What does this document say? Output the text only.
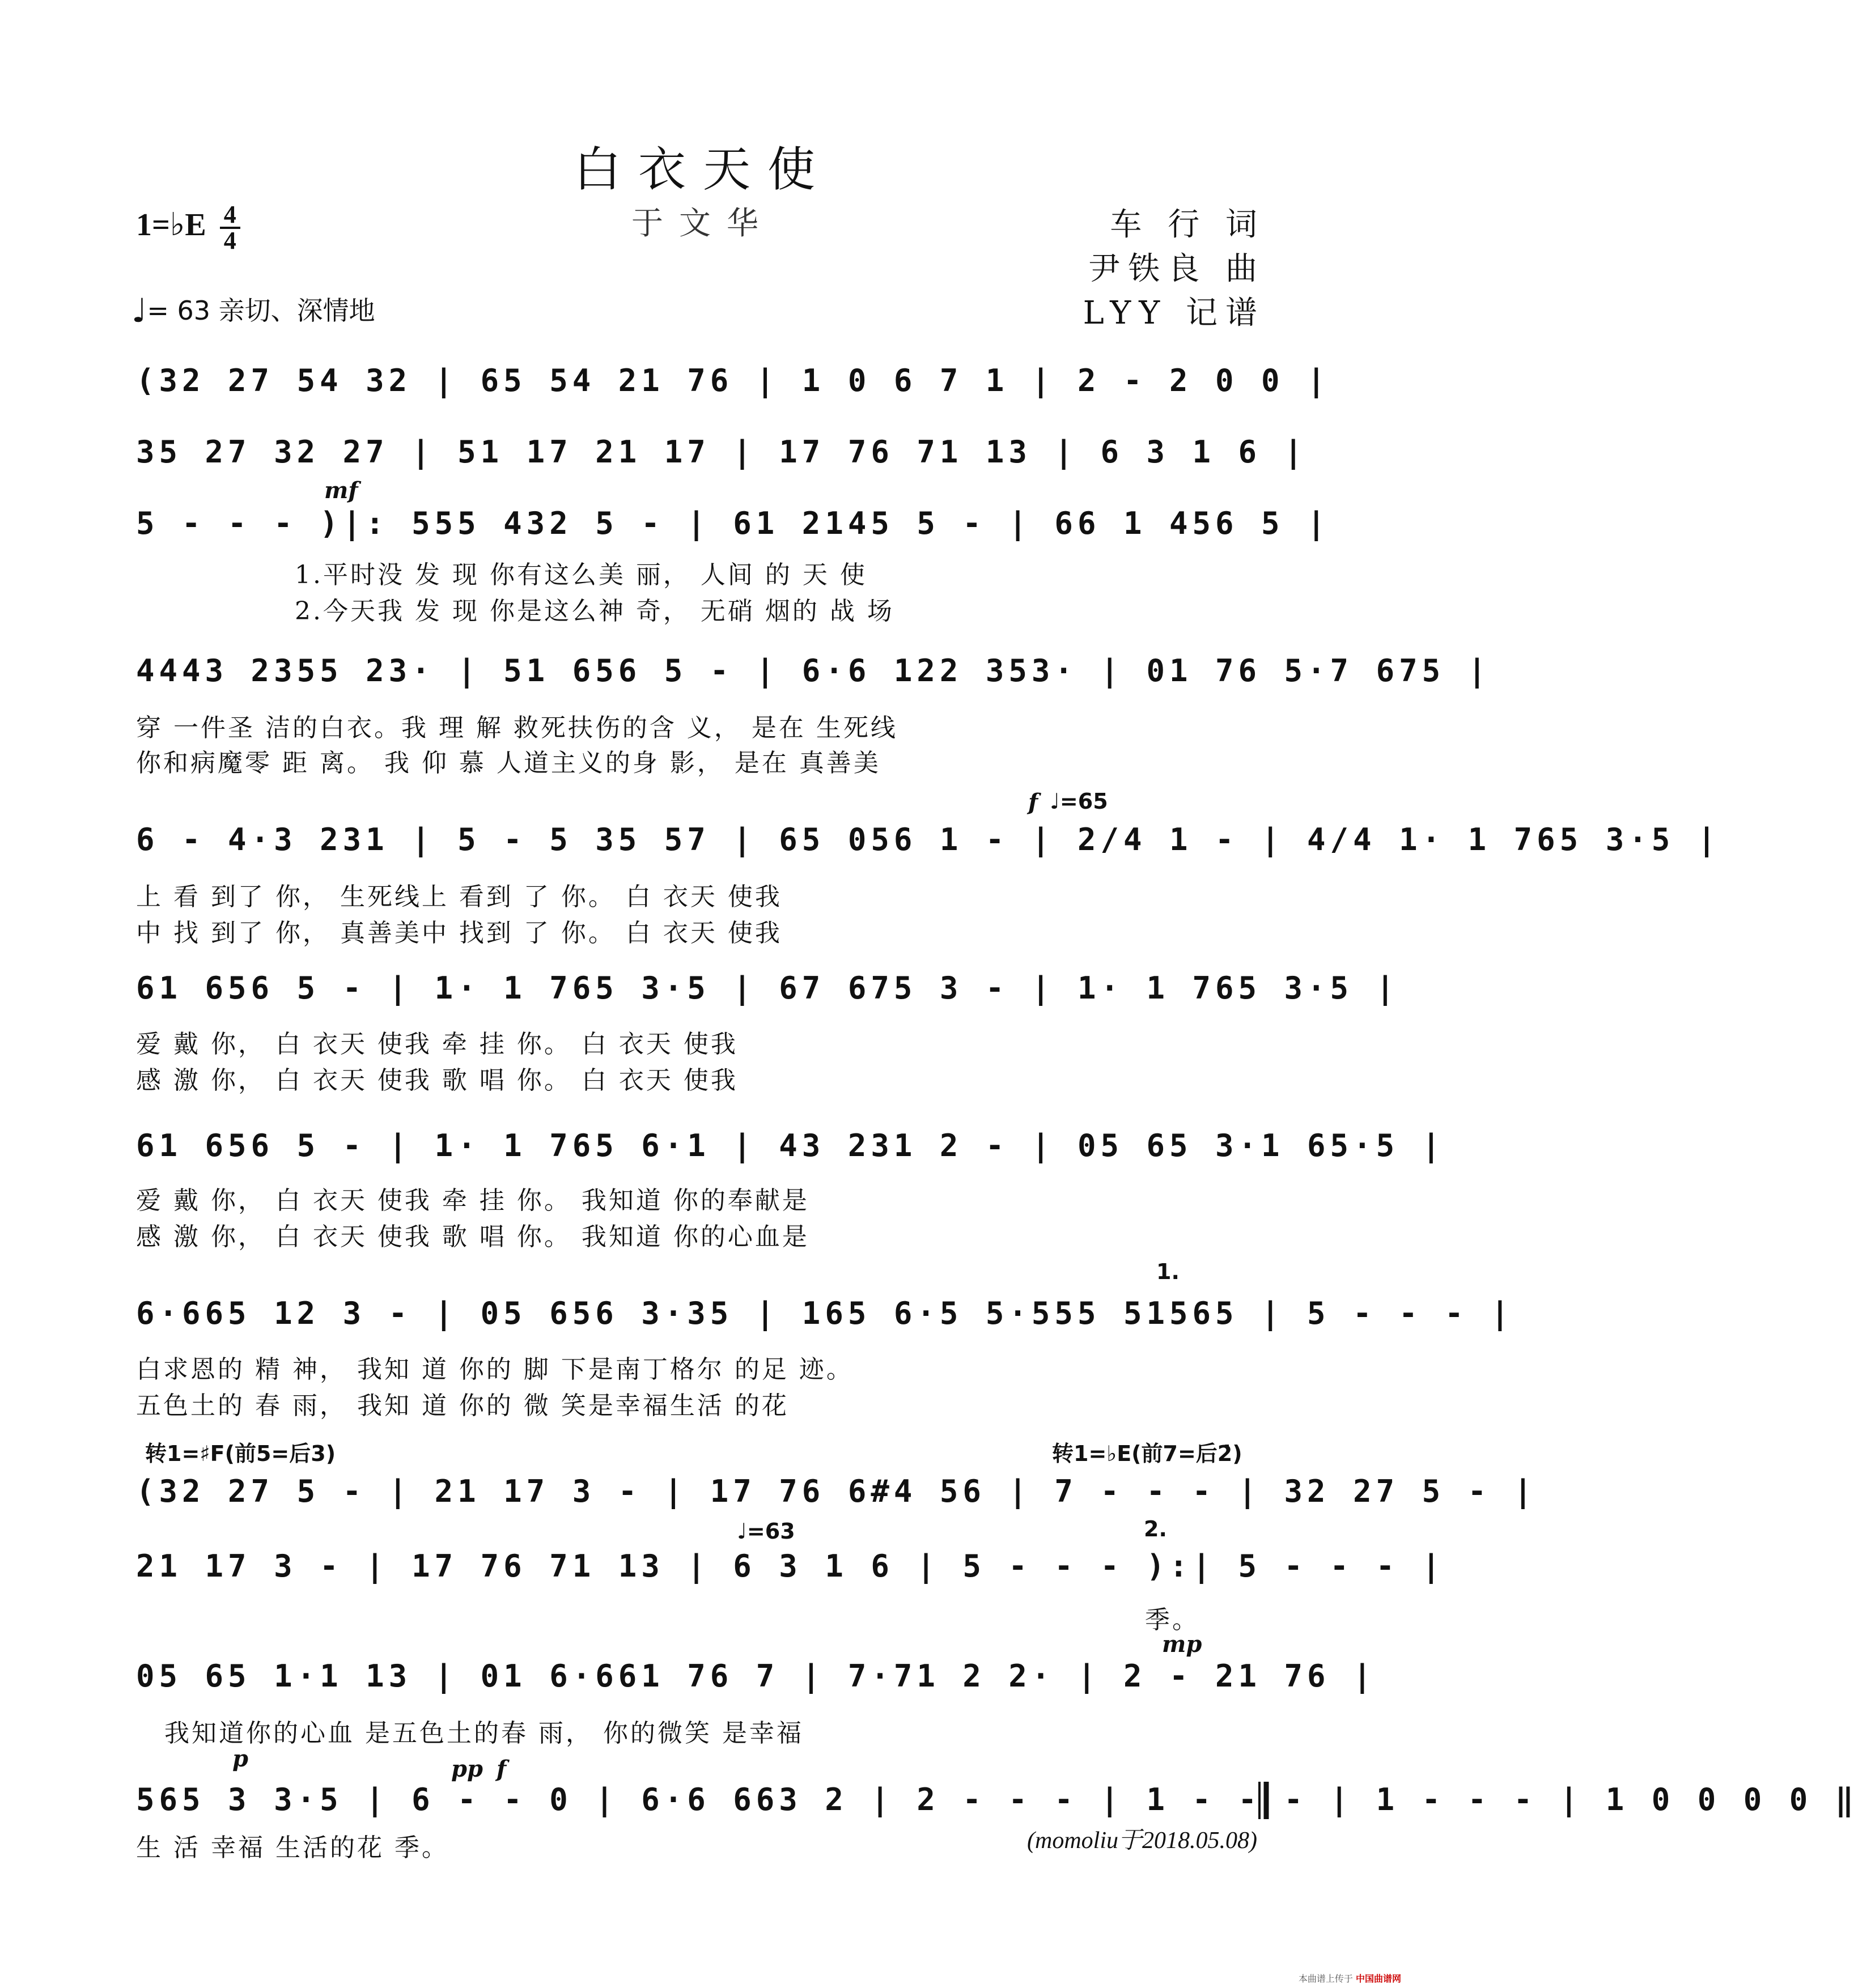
白衣天使
于文华	车 行 词
尹铁良 曲
LYY 记谱
1=♭E $\frac{4}{4}$
♩= 63 亲切、深情地
(32 27 54 32 | 65 54 21 76 | 1 0 6 7 1 | 2 - 2 0 0 |
35 27 32 27 | 51 17 21 17 | 17 76 71 13 | 6 3 1 6 |
mf
5 - - - )|: 555 432 5 - | 61 2145 5 - | 66 1 456 5 |
1.平时没 发 现 你有这么美 丽， 人间 的 天 使
2.今天我 发 现 你是这么神 奇， 无硝 烟的 战 场
4443 2355 23· | 51 656 5 - | 6·6 122 353· | 01 76 5·7 675 |
穿 一件圣 洁的白衣。我 理 解 救死扶伤的含 义， 是在 生死线
你和病魔零 距 离。 我 仰 慕 人道主义的身 影， 是在 真善美
f ♩=65
6 - 4·3 231 | 5 - 5 35 57 | 65 056 1 - | 2/4 1 - | 4/4 1· 1 765 3·5 |
上 看 到了 你， 生死线上 看到 了 你。 白 衣天 使我
中 找 到了 你， 真善美中 找到 了 你。 白 衣天 使我
61 656 5 - | 1· 1 765 3·5 | 67 675 3 - | 1· 1 765 3·5 |
爱 戴 你， 白 衣天 使我 牵 挂 你。 白 衣天 使我
感 激 你， 白 衣天 使我 歌 唱 你。 白 衣天 使我
61 656 5 - | 1· 1 765 6·1 | 43 231 2 - | 05 65 3·1 65·5 |
爱 戴 你， 白 衣天 使我 牵 挂 你。 我知道 你的奉献是
感 激 你， 白 衣天 使我 歌 唱 你。 我知道 你的心血是
1.
6·665 12 3 - | 05 656 3·35 | 165 6·5 5·555 51565 | 5 - - - |
白求恩的 精 神， 我知 道 你的 脚 下是南丁格尔 的足 迹。
五色土的 春 雨， 我知 道 你的 微 笑是幸福生活 的花
转1=♯F(前5=后3)	转1=♭E(前7=后2̇)
(32 27 5 - | 21 17 3 - | 17 76 6#4 56 | 7 - - - | 32 27 5 - |
♩=63	2.
21 17 3 - | 17 76 71 13 | 6 3 1 6 | 5 - - - ):| 5 - - - |
季。
mp
05 65 1·1 13 | 01 6·661 76 7 | 7·71 2 2· | 2 - 21 76 |
我知道你的心血 是五色土的春 雨， 你的微笑 是幸福
p	pp f
565 3 3·5 | 6 - - 0 | 6·6 663 2 | 2 - - - | 1 - - - | 1 - - - | 1 0 0 0 0 ‖
生 活 幸福 生活的花 季。	(momoliu于2018.05.08)
本曲谱上传于 中国曲谱网
